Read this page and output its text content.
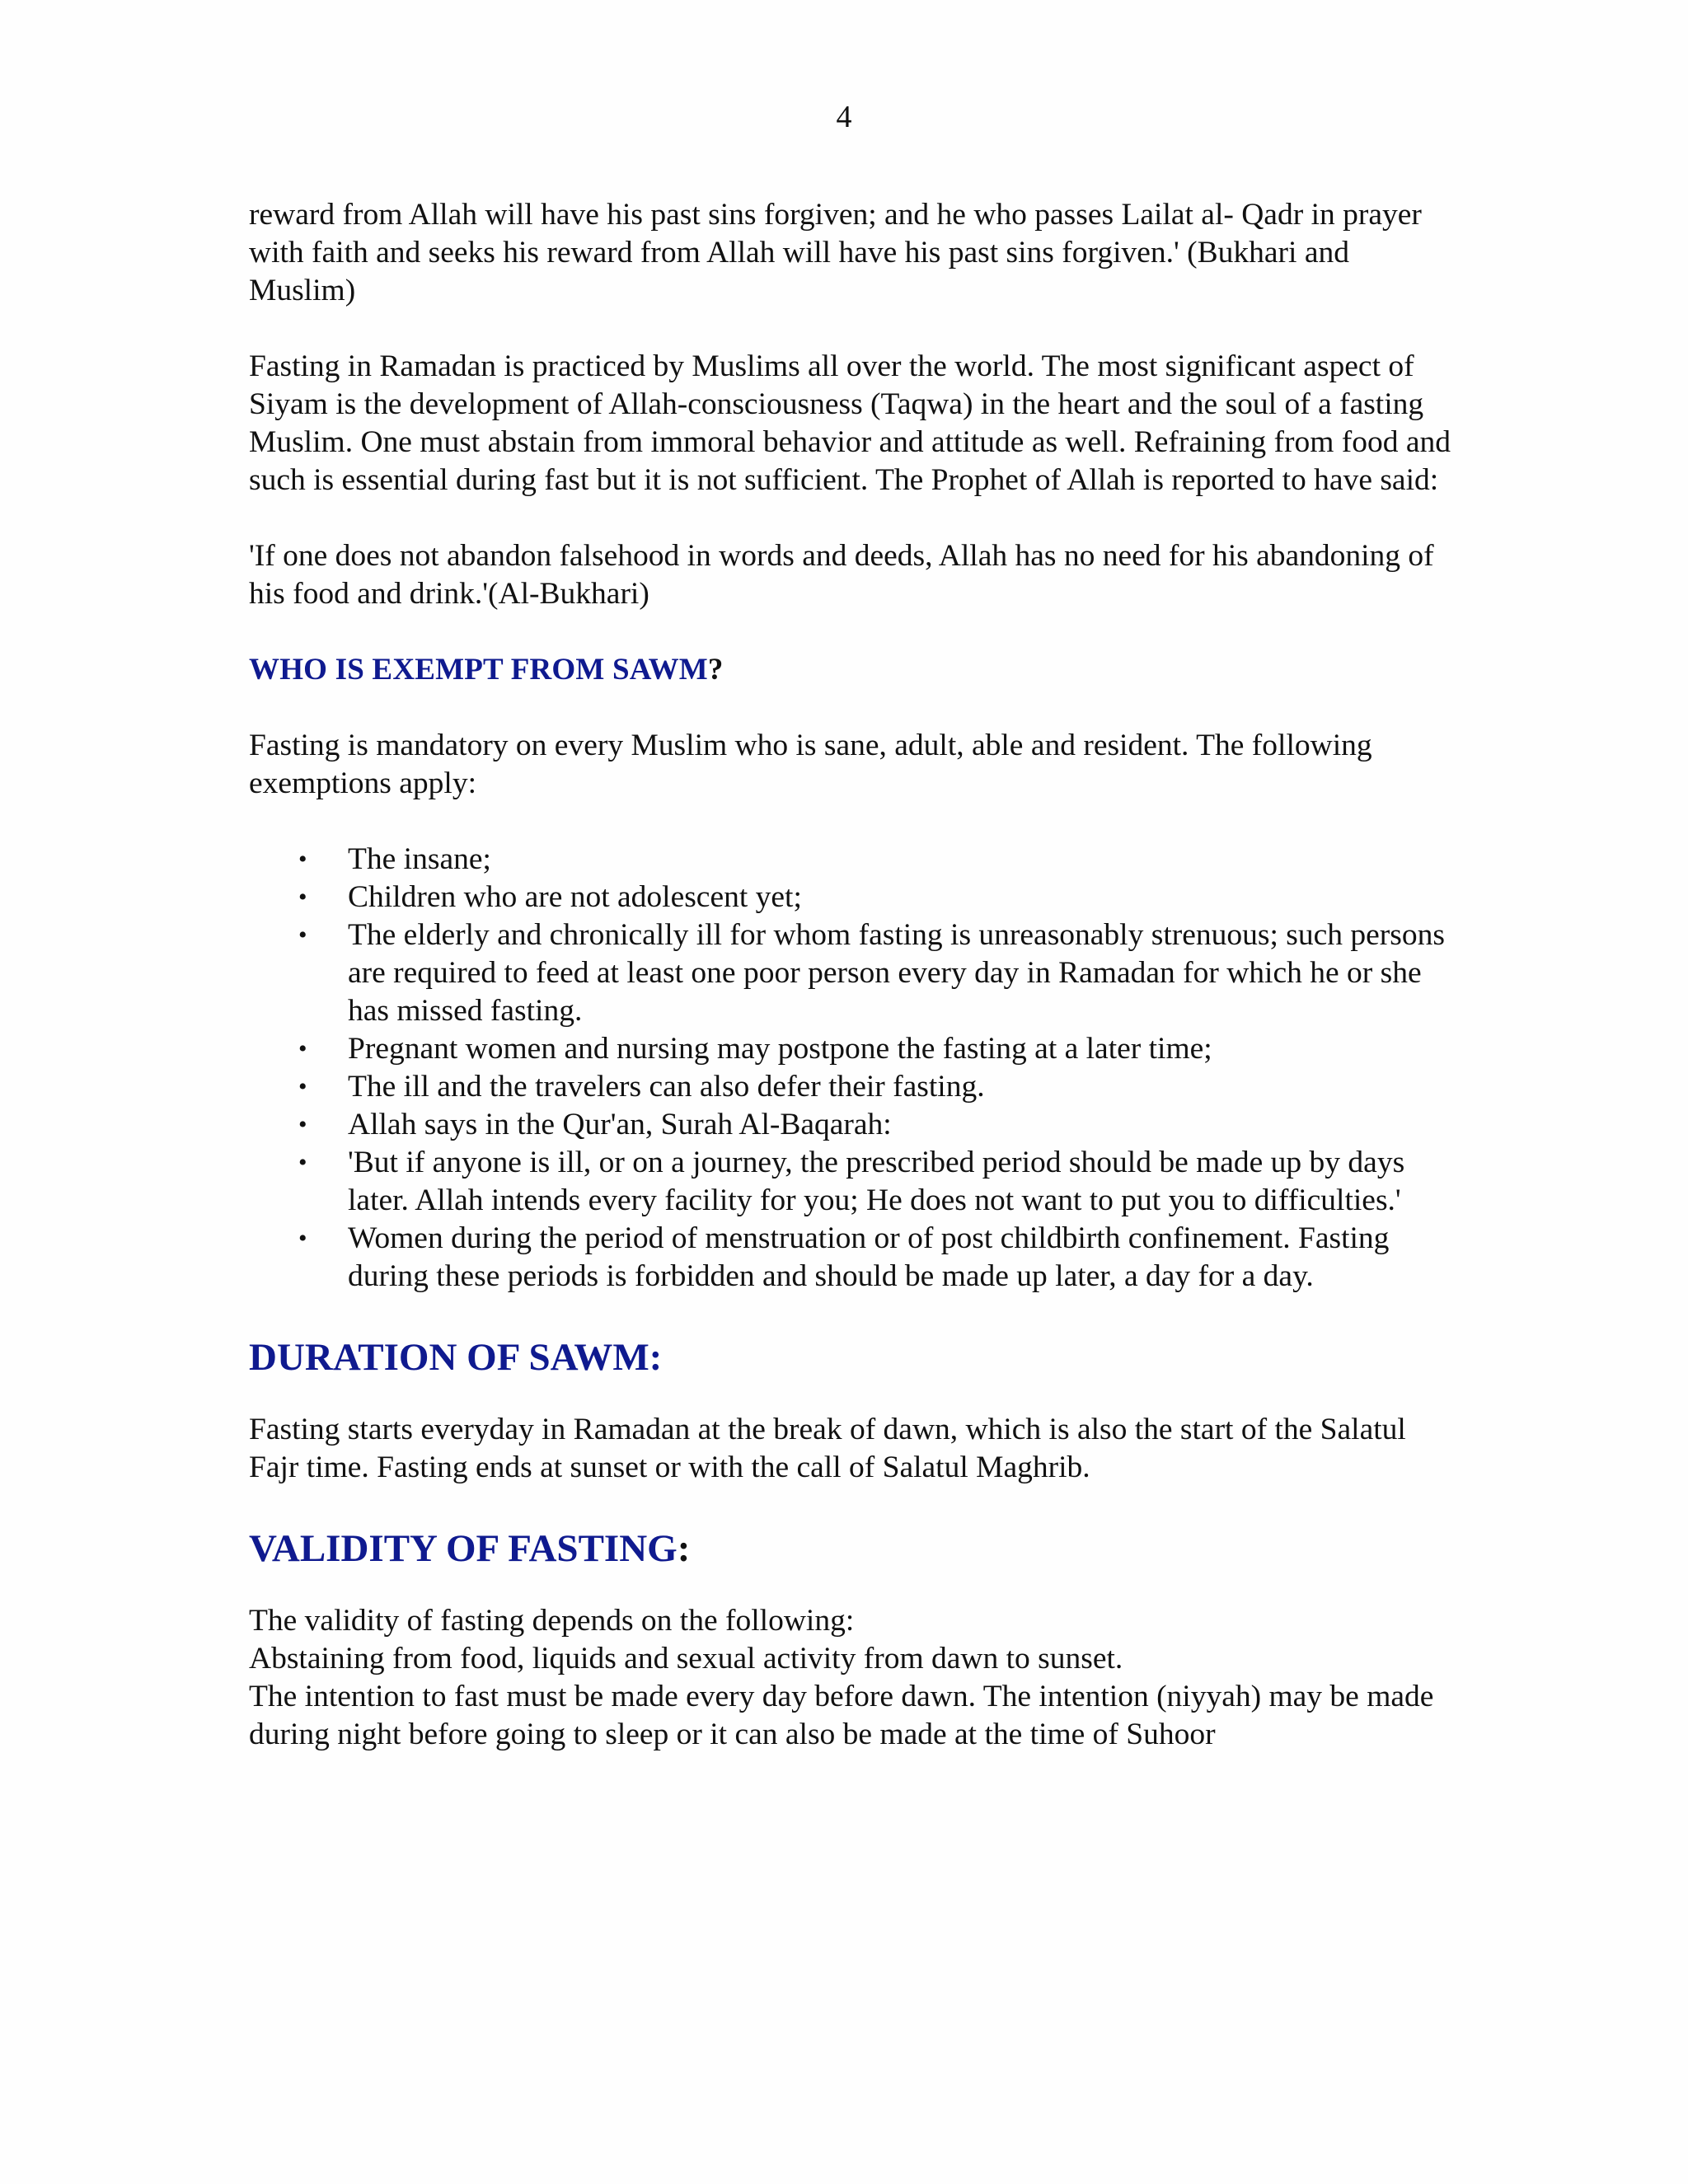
4

reward from Allah will have his past sins forgiven; and he who passes Lailat al- Qadr in prayer with faith and seeks his reward from Allah will have his past sins forgiven.' (Bukhari and Muslim)

Fasting in Ramadan is practiced by Muslims all over the world. The most significant aspect of Siyam is the development of Allah-consciousness (Taqwa) in the heart and the soul of a fasting Muslim. One must abstain from immoral behavior and attitude as well. Refraining from food and such is essential during fast but it is not sufficient. The Prophet of Allah is reported to have said:

'If one does not abandon falsehood in words and deeds, Allah has no need for his abandoning of his food and drink.'(Al-Bukhari)

WHO IS EXEMPT FROM SAWM?

Fasting is mandatory on every Muslim who is sane, adult, able and resident. The following exemptions apply:

• The insane;
• Children who are not adolescent yet;
• The elderly and chronically ill for whom fasting is unreasonably strenuous; such persons are required to feed at least one poor person every day in Ramadan for which he or she has missed fasting.
• Pregnant women and nursing may postpone the fasting at a later time;
• The ill and the travelers can also defer their fasting.
• Allah says in the Qur'an, Surah Al-Baqarah:
• 'But if anyone is ill, or on a journey, the prescribed period should be made up by days later. Allah intends every facility for you; He does not want to put you to difficulties.'
• Women during the period of menstruation or of post childbirth confinement. Fasting during these periods is forbidden and should be made up later, a day for a day.

DURATION OF SAWM:

Fasting starts everyday in Ramadan at the break of dawn, which is also the start of the Salatul Fajr time. Fasting ends at sunset or with the call of Salatul Maghrib.

VALIDITY OF FASTING:

The validity of fasting depends on the following:

Abstaining from food, liquids and sexual activity from dawn to sunset.

The intention to fast must be made every day before dawn. The intention (niyyah) may be made during night before going to sleep or it can also be made at the time of Suhoor
